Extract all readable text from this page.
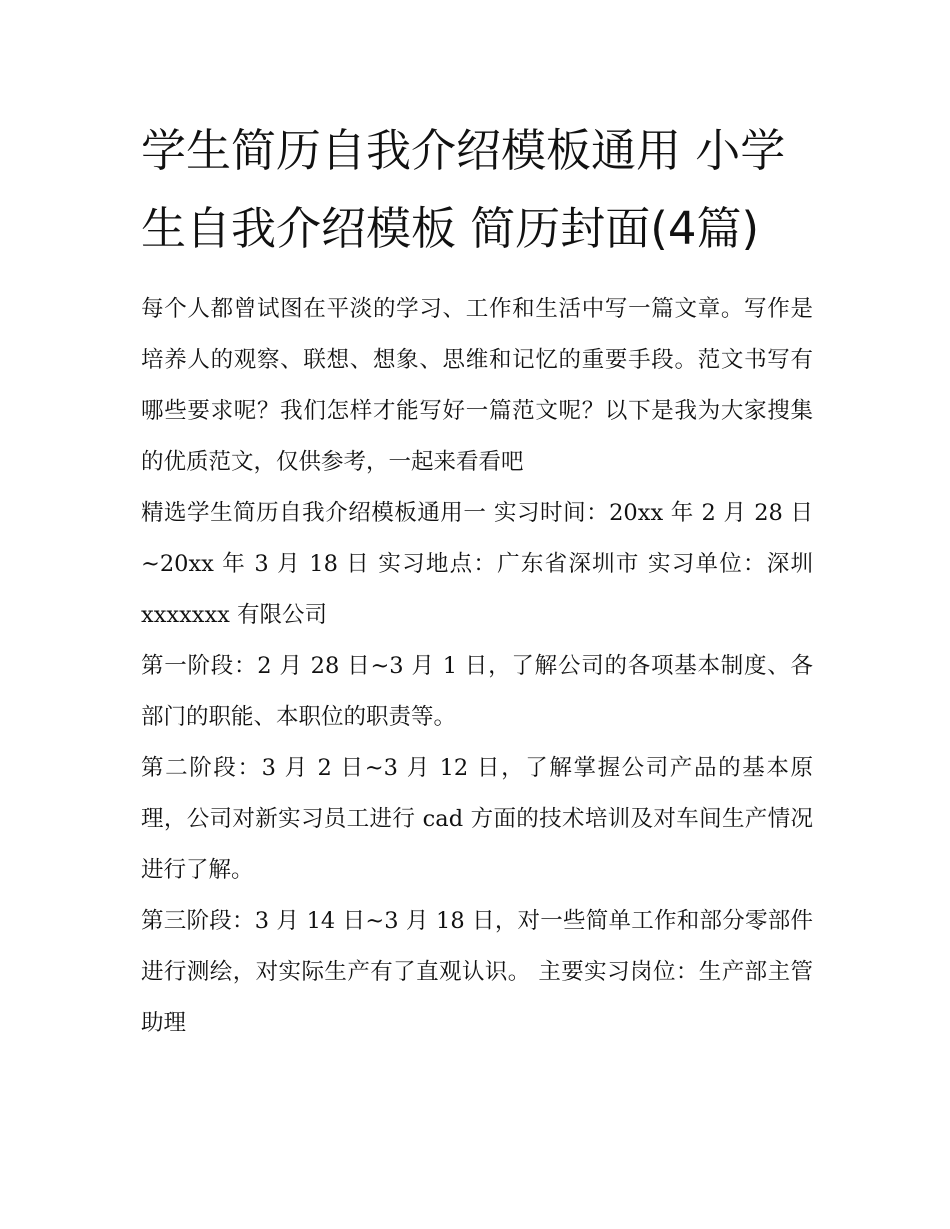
学生简历自我介绍模板通用 小学生自我介绍模板 简历封面(4篇)

每个人都曾试图在平淡的学习、工作和生活中写一篇文章。写作是培养人的观察、联想、想象、思维和记忆的重要手段。范文书写有哪些要求呢？我们怎样才能写好一篇范文呢？以下是我为大家搜集的优质范文，仅供参考，一起来看看吧

精选学生简历自我介绍模板通用一 实习时间：20xx 年 2 月 28 日~20xx 年 3 月 18 日 实习地点：广东省深圳市 实习单位：深圳 xxxxxxx 有限公司

第一阶段：2 月 28 日~3 月 1 日，了解公司的各项基本制度、各部门的职能、本职位的职责等。

第二阶段：3 月 2 日~3 月 12 日，了解掌握公司产品的基本原理，公司对新实习员工进行 cad 方面的技术培训及对车间生产情况进行了解。

第三阶段：3 月 14 日~3 月 18 日，对一些简单工作和部分零部件进行测绘，对实际生产有了直观认识。 主要实习岗位：生产部主管助理
